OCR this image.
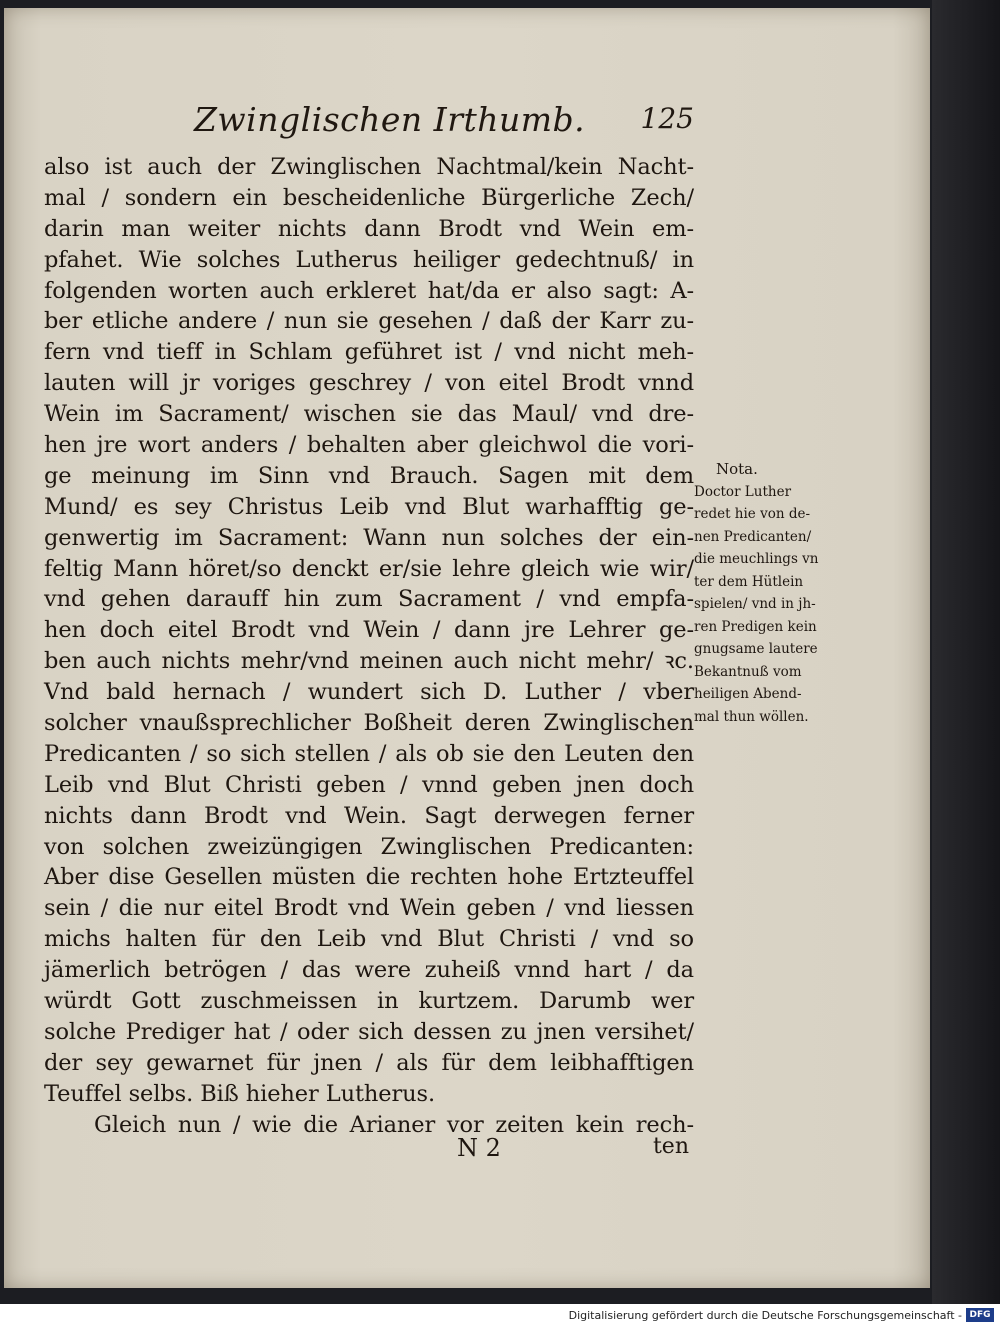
Zwinglischen Irthumb. 125
also ist auch der Zwinglischen Nachtmal/kein Nacht-
mal / sondern ein bescheidenliche Bürgerliche Zech/
darin man weiter nichts dann Brodt vnd Wein em-
pfahet. Wie solches Lutherus heiliger gedechtnuß/ in
folgenden worten auch erkleret hat/da er also sagt: A-
ber etliche andere / nun sie gesehen / daß der Karr zu-
fern vnd tieff in Schlam geführet ist / vnd nicht meh-
lauten will jr voriges geschrey / von eitel Brodt vnnd
Wein im Sacrament/ wischen sie das Maul/ vnd dre-
hen jre wort anders / behalten aber gleichwol die vori-
ge meinung im Sinn vnd Brauch. Sagen mit dem
Mund/ es sey Christus Leib vnd Blut warhafftig ge-
genwertig im Sacrament: Wann nun solches der ein-
feltig Mann höret/so denckt er/sie lehre gleich wie wir/
vnd gehen darauff hin zum Sacrament / vnd empfa-
hen doch eitel Brodt vnd Wein / dann jre Lehrer ge-
ben auch nichts mehr/vnd meinen auch nicht mehr/ ꝛc.
Vnd bald hernach / wundert sich D. Luther / vber
solcher vnaußsprechlicher Boßheit deren Zwinglischen
Predicanten / so sich stellen / als ob sie den Leuten den
Leib vnd Blut Christi geben / vnnd geben jnen doch
nichts dann Brodt vnd Wein. Sagt derwegen ferner
von solchen zweizüngigen Zwinglischen Predicanten:
Aber dise Gesellen müsten die rechten hohe Ertzteuffel
sein / die nur eitel Brodt vnd Wein geben / vnd liessen
michs halten für den Leib vnd Blut Christi / vnd so
jämerlich betrögen / das were zuheiß vnnd hart / da
würdt Gott zuschmeissen in kurtzem. Darumb wer
solche Prediger hat / oder sich dessen zu jnen versihet/
der sey gewarnet für jnen / als für dem leibhafftigen
Teuffel selbs. Biß hieher Lutherus.
Gleich nun / wie die Arianer vor zeiten kein rech-
Nota.
Doctor Luther
redet hie von de-
nen Predicanten/
die meuchlings vn
ter dem Hütlein
spielen/ vnd in jh-
ren Predigen kein
gnugsame lautere
Bekantnuß vom
heiligen Abend-
mal thun wöllen.
N 2	ten
Digitalisierung gefördert durch die Deutsche Forschungsgemeinschaft - DFG
